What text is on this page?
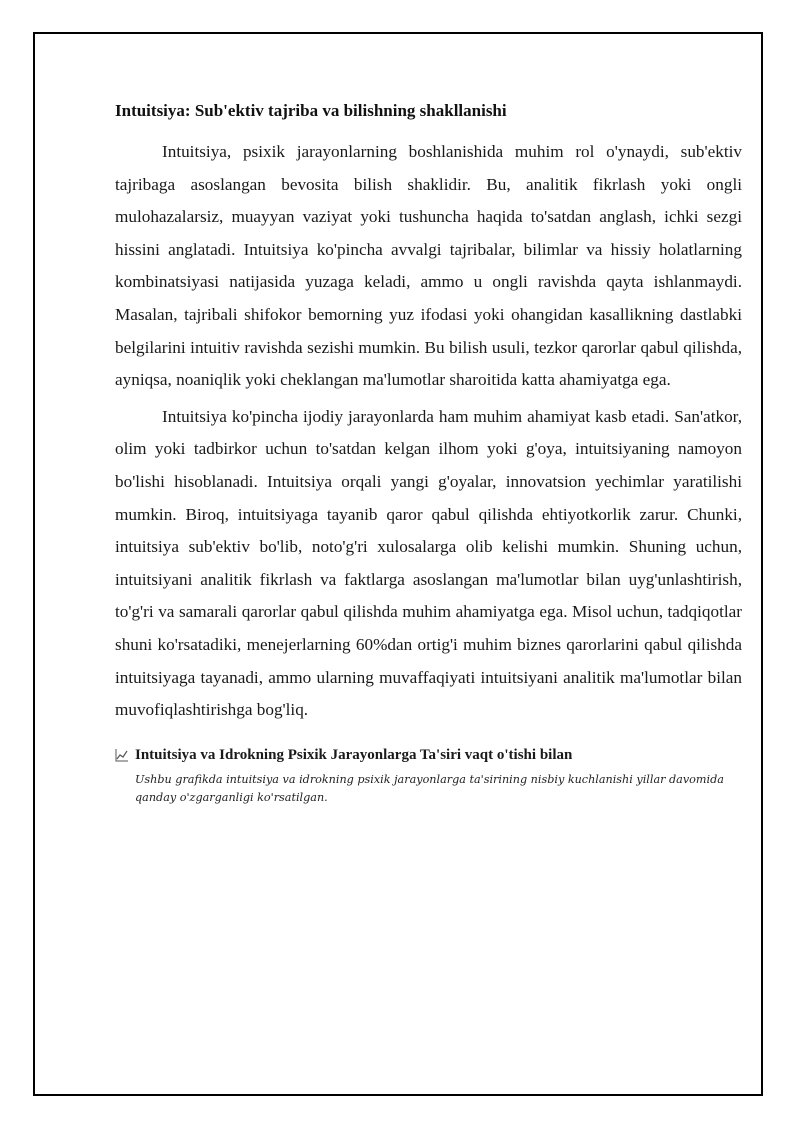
Intuitsiya: Sub'ektiv tajriba va bilishning shakllanishi

Intuitsiya, psixik jarayonlarning boshlanishida muhim rol o'ynaydi, sub'ektiv tajribaga asoslangan bevosita bilish shaklidir. Bu, analitik fikrlash yoki ongli mulohazalarsiz, muayyan vaziyat yoki tushuncha haqida to'satdan anglash, ichki sezgi hissini anglatadi. Intuitsiya ko'pincha avvalgi tajribalar, bilimlar va hissiy holatlarning kombinatsiyasi natijasida yuzaga keladi, ammo u ongli ravishda qayta ishlanmaydi. Masalan, tajribali shifokor bemorning yuz ifodasi yoki ohangidan kasallikning dastlabki belgilarini intuitiv ravishda sezishi mumkin. Bu bilish usuli, tezkor qarorlar qabul qilishda, ayniqsa, noaniqlik yoki cheklangan ma'lumotlar sharoitida katta ahamiyatga ega.

Intuitsiya ko'pincha ijodiy jarayonlarda ham muhim ahamiyat kasb etadi. San'atkor, olim yoki tadbirkor uchun to'satdan kelgan ilhom yoki g'oya, intuitsiyaning namoyon bo'lishi hisoblanadi. Intuitsiya orqali yangi g'oyalar, innovatsion yechimlar yaratilishi mumkin. Biroq, intuitsiyaga tayanib qaror qabul qilishda ehtiyotkorlik zarur. Chunki, intuitsiya sub'ektiv bo'lib, noto'g'ri xulosalarga olib kelishi mumkin. Shuning uchun, intuitsiyani analitik fikrlash va faktlarga asoslangan ma'lumotlar bilan uyg'unlashtirish, to'g'ri va samarali qarorlar qabul qilishda muhim ahamiyatga ega. Misol uchun, tadqiqotlar shuni ko'rsatadiki, menejerlarning 60%dan ortig'i muhim biznes qarorlarini qabul qilishda intuitsiyaga tayanadi, ammo ularning muvaffaqiyati intuitsiyani analitik ma'lumotlar bilan muvofiqlashtirishga bog'liq.

Intuitsiya va Idrokning Psixik Jarayonlarga Ta'siri vaqt o'tishi bilan
Ushbu grafikda intuitsiya va idrokning psixik jarayonlarga ta'sirining nisbiy kuchlanishi yillar davomida qanday o'zgarganligi ko'rsatilgan.
